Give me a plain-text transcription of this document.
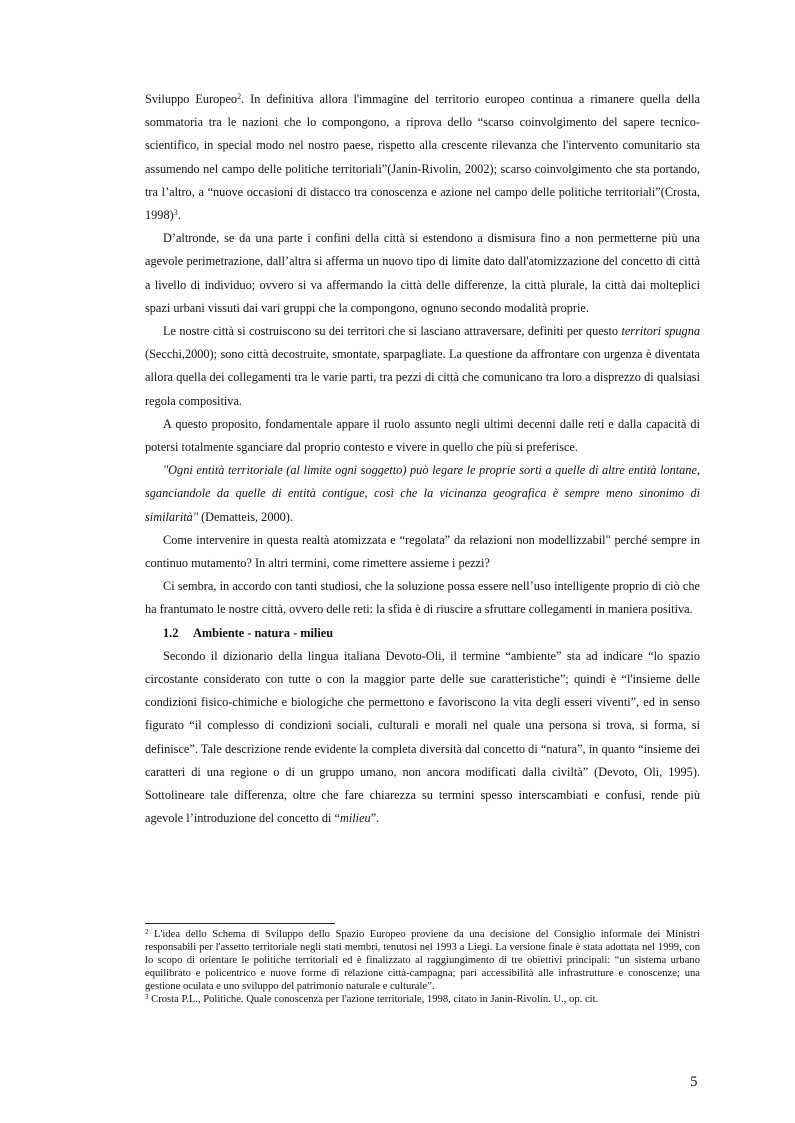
Sviluppo Europeo$^2$. In definitiva allora l'immagine del territorio europeo continua a rimanere quella della sommatoria tra le nazioni che lo compongono, a riprova dello “scarso coinvolgimento del sapere tecnico-scientifico, in special modo nel nostro paese, rispetto alla crescente rilevanza che l'intervento comunitario sta assumendo nel campo delle politiche territoriali”(Janin-Rivolin, 2002); scarso coinvolgimento che sta portando, tra l’altro, a “nuove occasioni di distacco tra conoscenza e azione nel campo delle politiche territoriali”(Crosta, 1998)$^3$.

D’altronde, se da una parte i confini della città si estendono a dismisura fino a non permetterne più una agevole perimetrazione, dall’altra si afferma un nuovo tipo di limite dato dall'atomizzazione del concetto di città a livello di individuo; ovvero si va affermando la città delle differenze, la città plurale, la città dai molteplici spazi urbani vissuti dai vari gruppi che la compongono, ognuno secondo modalità proprie.

Le nostre città si costruiscono su dei territori che si lasciano attraversare, definiti per questo territori spugna (Secchi,2000); sono città decostruite, smontate, sparpagliate. La questione da affrontare con urgenza è diventata allora quella dei collegamenti tra le varie parti, tra pezzi di città che comunicano tra loro a disprezzo di qualsiasi regola compositiva.

A questo proposito, fondamentale appare il ruolo assunto negli ultimi decenni dalle reti e dalla capacità di potersi totalmente sganciare dal proprio contesto e vivere in quello che più si preferisce.

"Ogni entità territoriale (al limite ogni soggetto) può legare le proprie sorti a quelle di altre entità lontane, sganciandole da quelle di entità contigue, così che la vicinanza geografica è sempre meno sinonimo di similarità" (Dematteis, 2000).

Come intervenire in questa realtà atomizzata e “regolata” da relazioni non modellizzabil" perché sempre in continuo mutamento? In altri termini, come rimettere assieme i pezzi?

Ci sembra, in accordo con tanti studiosi, che la soluzione possa essere nell’uso intelligente proprio di ciò che ha frantumato le nostre città, ovvero delle reti: la sfida è di riuscire a sfruttare collegamenti in maniera positiva.

1.2 Ambiente - natura - milieu

Secondo il dizionario della lingua italiana Devoto-Oli, il termine “ambiente” sta ad indicare “lo spazio circostante considerato con tutte o con la maggior parte delle sue caratteristiche”; quindi è “l'insieme delle condizioni fisico-chimiche e biologiche che permettono e favoriscono la vita degli esseri viventi”, ed in senso figurato “il complesso di condizioni sociali, culturali e morali nel quale una persona si trova, si forma, si definisce”. Tale descrizione rende evidente la completa diversità dal concetto di “natura”, in quanto “insieme dei caratteri di una regione o di un gruppo umano, non ancora modificati dalla civiltà” (Devoto, Oli, 1995). Sottolineare tale differenza, oltre che fare chiarezza su termini spesso interscambiati e confusi, rende più agevole l’introduzione del concetto di “milieu”.

$^2$ L'idea dello Schema di Sviluppo dello Spazio Europeo proviene da una decisione del Consiglio informale dei Ministri responsabili per l'assetto territoriale negli stati membri, tenutosi nel 1993 a Liegi. La versione finale è stata adottata nel 1999, con lo scopo di orientare le politiche territoriali ed è finalizzato al raggiungimento di tre obiettivi principali: “un sistema urbano equilibrato e policentrico e nuove forme di relazione città-campagna; pari accessibilità alle infrastrutture e conoscenze; una gestione oculata e uno sviluppo del patrimonio naturale e culturale”.

$^3$ Crosta P.L., Politiche. Quale conoscenza per l'azione territoriale, 1998, citato in Janin-Rivolin. U., op. cit.

5
